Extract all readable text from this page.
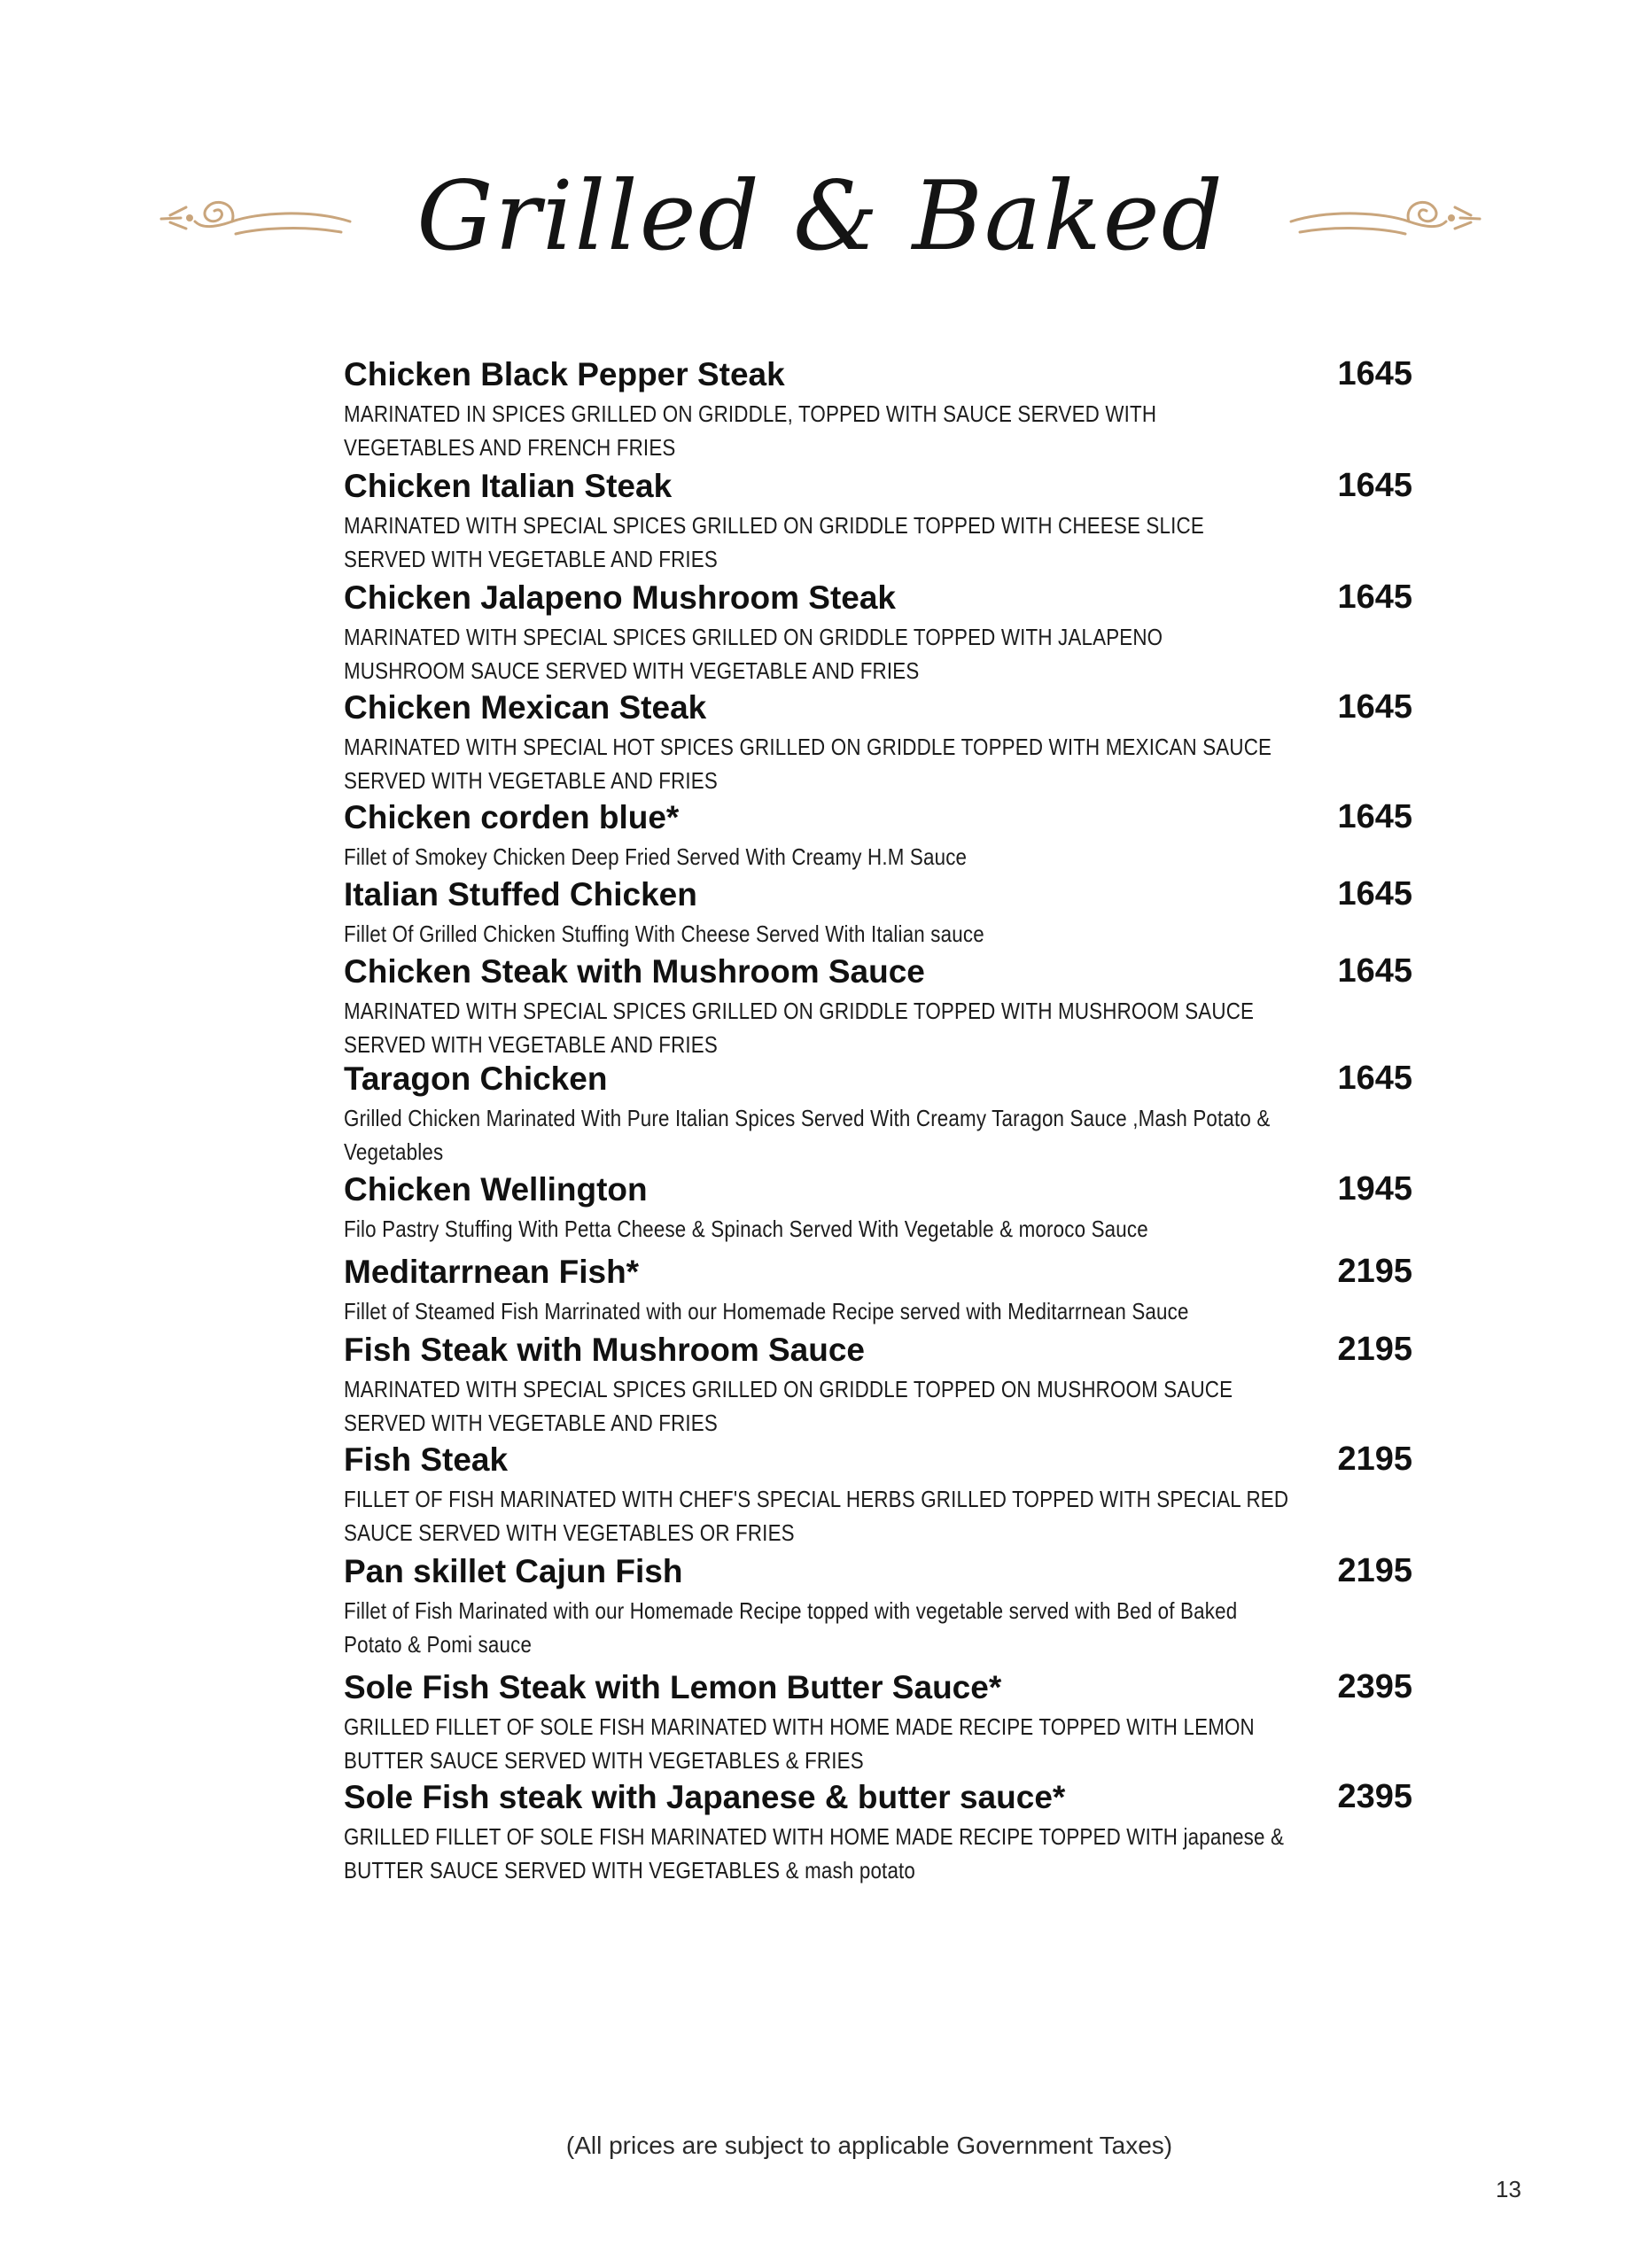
Grilled & Baked
Chicken Black Pepper Steak
MARINATED IN SPICES GRILLED ON GRIDDLE, TOPPED WITH SAUCE SERVED WITH VEGETABLES AND FRENCH FRIES
1645
Chicken Italian Steak
MARINATED WITH SPECIAL SPICES GRILLED ON GRIDDLE TOPPED WITH CHEESE SLICE SERVED WITH VEGETABLE AND FRIES
1645
Chicken Jalapeno Mushroom Steak
MARINATED WITH SPECIAL SPICES GRILLED ON GRIDDLE TOPPED WITH JALAPENO MUSHROOM SAUCE SERVED WITH VEGETABLE AND FRIES
1645
Chicken Mexican Steak
MARINATED WITH SPECIAL HOT SPICES GRILLED ON GRIDDLE TOPPED WITH MEXICAN SAUCE SERVED WITH VEGETABLE AND FRIES
1645
Chicken corden blue*
Fillet of Smokey Chicken Deep Fried Served With Creamy H.M Sauce
1645
Italian Stuffed Chicken
Fillet Of Grilled Chicken Stuffing With Cheese Served With Italian sauce
1645
Chicken Steak with Mushroom Sauce
MARINATED WITH SPECIAL SPICES GRILLED ON GRIDDLE TOPPED WITH MUSHROOM SAUCE SERVED WITH VEGETABLE AND FRIES
1645
Taragon Chicken
Grilled Chicken Marinated With Pure Italian Spices Served With Creamy Taragon Sauce ,Mash Potato & Vegetables
1645
Chicken Wellington
Filo Pastry Stuffing With Petta Cheese & Spinach Served With Vegetable & moroco Sauce
1945
Meditarrnean Fish*
Fillet of Steamed Fish Marrinated with our Homemade Recipe served with Meditarrnean Sauce
2195
Fish Steak with Mushroom Sauce
MARINATED WITH SPECIAL SPICES GRILLED ON GRIDDLE TOPPED ON MUSHROOM SAUCE SERVED WITH VEGETABLE AND FRIES
2195
Fish Steak
FILLET OF FISH MARINATED WITH CHEF'S SPECIAL HERBS GRILLED TOPPED WITH SPECIAL RED SAUCE SERVED WITH VEGETABLES OR FRIES
2195
Pan skillet Cajun Fish
Fillet of Fish Marinated with our Homemade Recipe topped with vegetable served with Bed of Baked Potato & Pomi sauce
2195
Sole Fish Steak with Lemon Butter Sauce*
GRILLED FILLET OF SOLE FISH MARINATED WITH HOME MADE RECIPE TOPPED WITH LEMON BUTTER SAUCE SERVED WITH VEGETABLES & FRIES
2395
Sole Fish steak with Japanese & butter sauce*
GRILLED FILLET OF SOLE FISH MARINATED WITH HOME MADE RECIPE TOPPED WITH japanese & BUTTER SAUCE SERVED WITH VEGETABLES & mash potato
2395
(All prices are subject to applicable Government Taxes)
13
